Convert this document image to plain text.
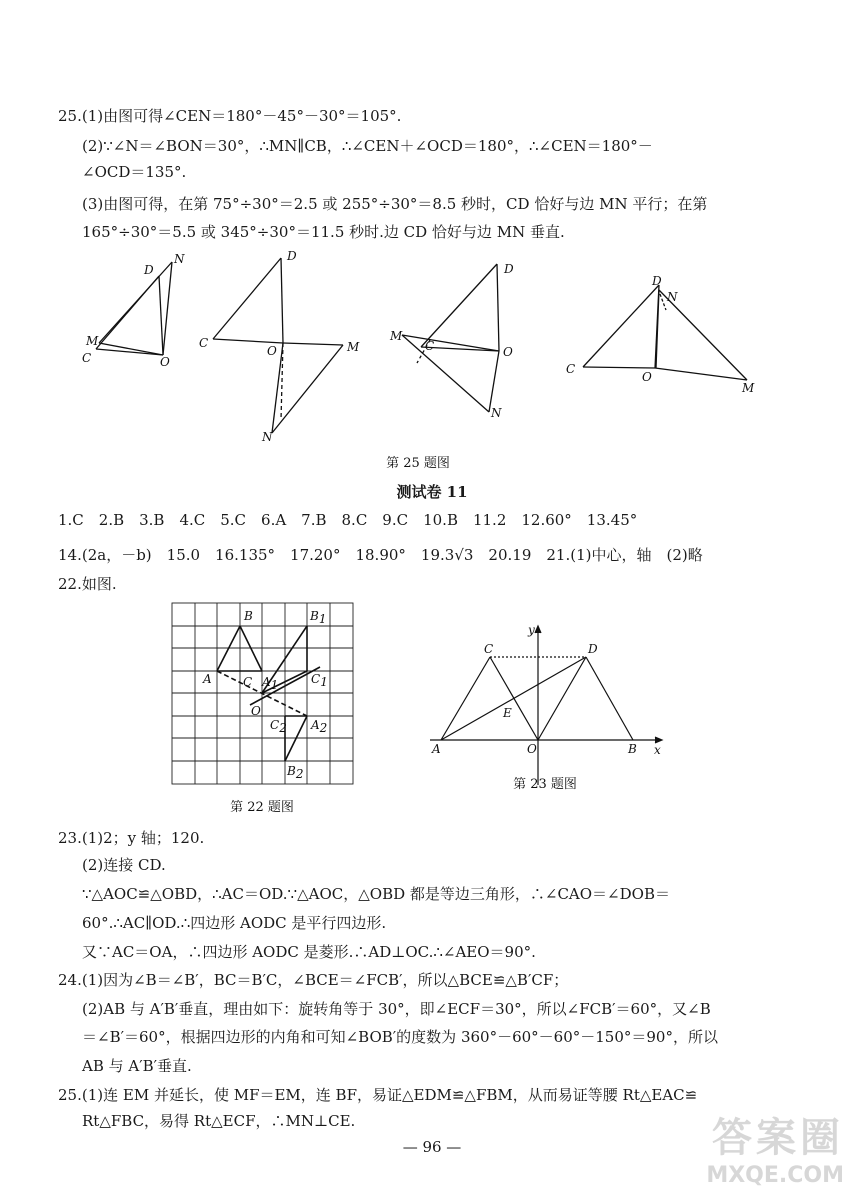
25.(1)由图可得∠CEN＝180°－45°－30°＝105°.
(2)∵∠N＝∠BON＝30°，∴MN∥CB，∴∠CEN＋∠OCD＝180°，∴∠CEN＝180°－
∠OCD＝135°.
(3)由图可得，在第 75°÷30°＝2.5 或 255°÷30°＝8.5 秒时，CD 恰好与边 MN 平行；在第
165°÷30°＝5.5 或 345°÷30°＝11.5 秒时.边 CD 恰好与边 MN 垂直.
D
N
M
C	O
D
C
O	M
N
D
M
C	O
N
D
N
C
O
M
第 25 题图
测试卷 11
1.C　2.B　3.B　4.C　5.C　6.A　7.B　8.C　9.C　10.B　11.2　12.60°　13.45°
14.(2a，－b)　15.0　16.135°　17.20°　18.90°　19.3√3　20.19　21.(1)中心，轴　(2)略
22.如图.
B	B1
A	C A1	C1
O
C2 A2
B2
第 22 题图
y
x
C	D
E
A	O	B
第 23 题图
23.(1)2；y 轴；120.
(2)连接 CD.
∵△AOC≌△OBD，∴AC＝OD.∵△AOC，△OBD 都是等边三角形，∴∠CAO＝∠DOB＝
60°.∴AC∥OD.∴四边形 AODC 是平行四边形.
又∵AC＝OA，∴四边形 AODC 是菱形.∴AD⊥OC.∴∠AEO＝90°.
24.(1)因为∠B＝∠B′，BC＝B′C，∠BCE＝∠FCB′，所以△BCE≌△B′CF；
(2)AB 与 A′B′垂直，理由如下：旋转角等于 30°，即∠ECF＝30°，所以∠FCB′＝60°，又∠B
＝∠B′＝60°，根据四边形的内角和可知∠BOB′的度数为 360°－60°－60°－150°＝90°，所以
AB 与 A′B′垂直.
25.(1)连 EM 并延长，使 MF＝EM，连 BF，易证△EDM≌△FBM，从而易证等腰 Rt△EAC≌
Rt△FBC，易得 Rt△ECF，∴MN⊥CE.
— 96 —	答案圈
MXQE.COM
